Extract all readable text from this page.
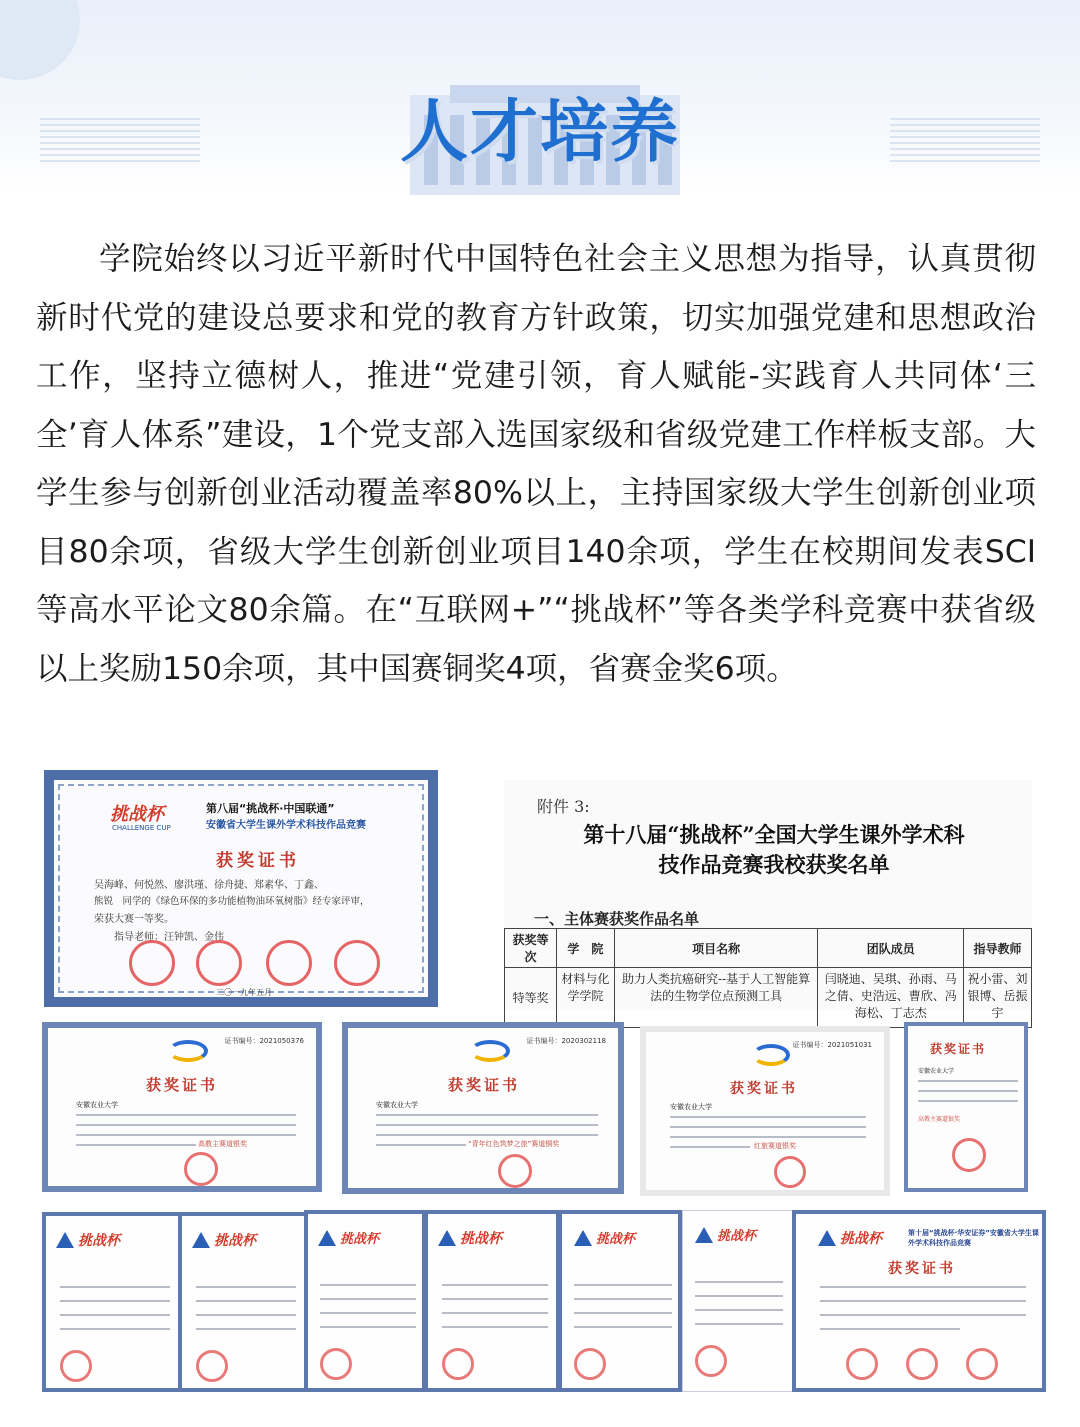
人才培养

学院始终以习近平新时代中国特色社会主义思想为指导，认真贯彻新时代党的建设总要求和党的教育方针政策，切实加强党建和思想政治工作，坚持立德树人，推进“党建引领，育人赋能-实践育人共同体‘三全’育人体系”建设，1个党支部入选国家级和省级党建工作样板支部。大学生参与创新创业活动覆盖率80%以上，主持国家级大学生创新创业项目80余项，省级大学生创新创业项目140余项，学生在校期间发表SCI等高水平论文80余篇。在“互联网+”“挑战杯”等各类学科竞赛中获省级以上奖励150余项，其中国赛铜奖4项，省赛金奖6项。

挑战杯
CHALLENGE CUP
第八届“挑战杯·中国联通”
安徽省大学生课外学术科技作品竞赛
获奖证书
吴海峰、何悦然、廖洪瑾、徐舟捷、郑素华、丁鑫、
熊锐　同学的《绿色环保的多功能植物油环氧树脂》经专家评审，
荣获大赛一等奖。
指导老师：汪钟凯、金伟
二〇一九年五月
附件 3:
第十八届“挑战杯”全国大学生课外学术科
技作品竞赛我校获奖名单
一、主体赛获奖作品名单
获奖等次	学　院	项目名称	团队成员	指导教师
特等奖	材料与化学学院	助力人类抗癌研究--基于人工智能算法的生物学位点预测工具	闫晓迪、吴琪、孙雨、马之倩、史浩远、曹欣、冯海松、丁志杰	祝小雷、刘银博、岳振宇
证书编号：2021050376
获奖证书
安徽农业大学
高教主赛道银奖
证书编号：2020302118
获奖证书
安徽农业大学
“青年红色筑梦之旅”赛道铜奖
证书编号：2021051031
获奖证书
安徽农业大学
红旅赛道银奖
获奖证书
安徽农业大学
高教主赛道银奖
挑战杯	挑战杯	挑战杯	挑战杯	挑战杯	挑战杯	挑战杯	第十届“挑战杯·华安证券”安徽省大学生课外学术科技作品竞赛
获奖证书
